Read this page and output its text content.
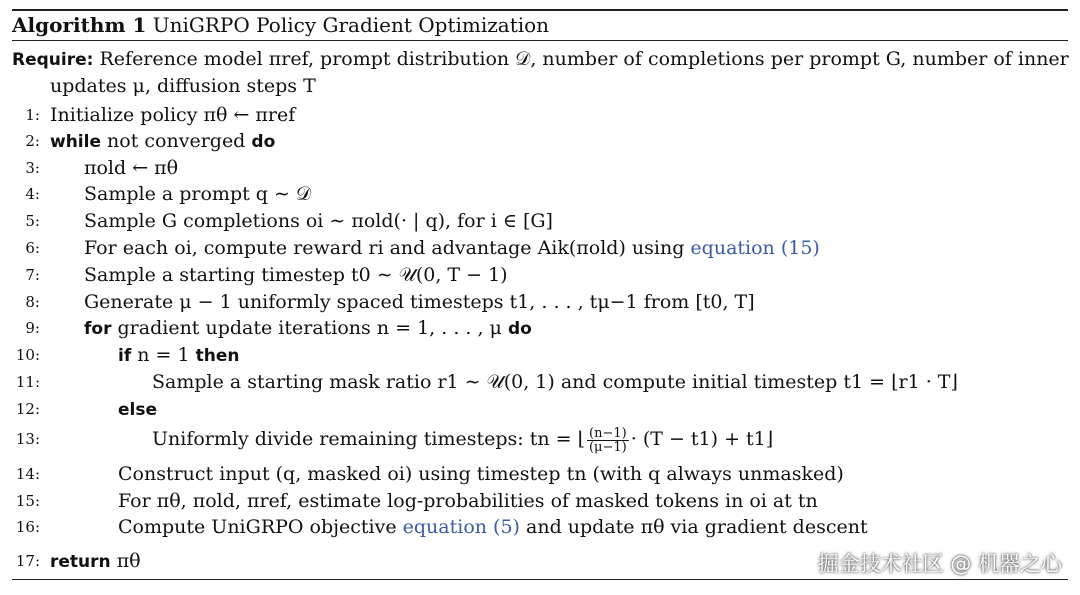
Algorithm 1 UniGRPO Policy Gradient Optimization
Require: Reference model πref, prompt distribution 𝒟, number of completions per prompt G, number of inner
updates μ, diffusion steps T
1: Initialize policy πθ ← πref
2: while not converged do
3: πold ← πθ
4: Sample a prompt q ∼ 𝒟
5: Sample G completions oi ∼ πold(· | q), for i ∈ [G]
6: For each oi, compute reward ri and advantage Aik(πold) using equation (15)
7: Sample a starting timestep t0 ∼ 𝒰(0, T − 1)
8: Generate μ − 1 uniformly spaced timesteps t1, . . . , tμ−1 from [t0, T]
9:	for gradient update iterations n = 1, . . . , μ do
10:	if n = 1 then
11:	Sample a starting mask ratio r1 ∼ 𝒰(0, 1) and compute initial timestep t1 = ⌊r1 · T⌋
12:	else
13:	Uniformly divide remaining timesteps: tn = ⌊ $\frac{(n-1)}{(\mu-1)} \cdot (T - t1)$ + t1⌋
14:	Construct input (q, masked oi) using timestep tn (with q always unmasked)
15:	For πθ, πold, πref, estimate log-probabilities of masked tokens in oi at tn
16:	Compute UniGRPO objective equation (5) and update πθ via gradient descent
17: return πθ	掘金技术社区 @ 机器之心
